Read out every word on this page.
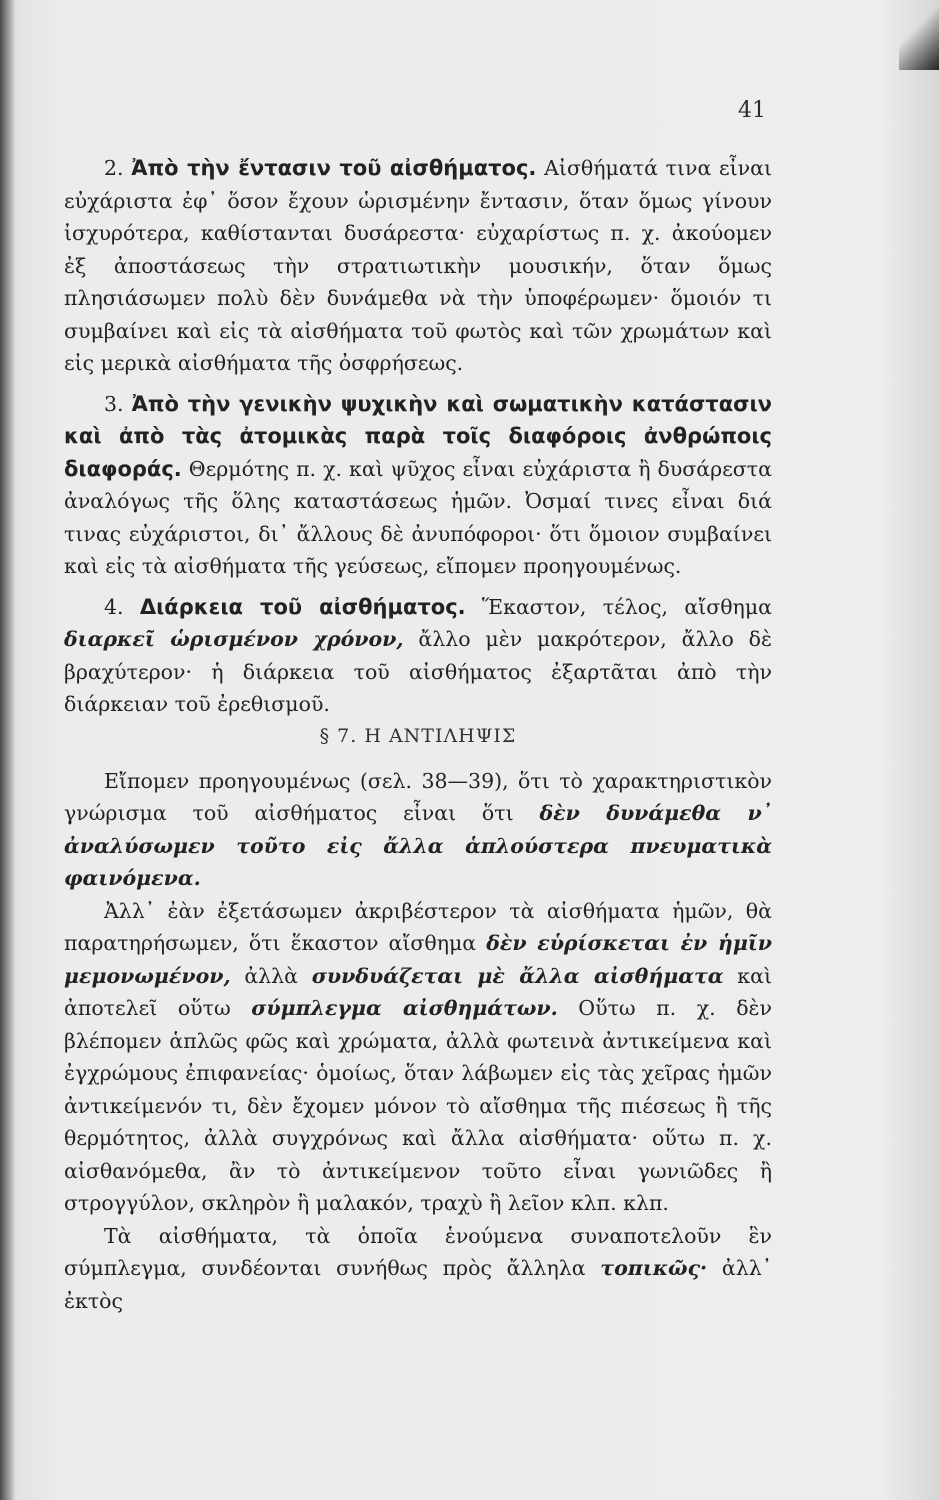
41

2. Ἀπὸ τὴν ἔντασιν τοῦ αἰσθήματος. Αἰσθήματά τινα εἶναι εὐχάριστα ἐφ᾽ ὅσον ἔχουν ὡρισμένην ἔντασιν, ὅταν ὅμως γίνουν ἰσχυρότερα, καθίστανται δυσάρεστα· εὐχαρίστως π. χ. ἀκούομεν ἐξ ἀποστάσεως τὴν στρατιωτικὴν μουσικήν, ὅταν ὅμως πλησιάσωμεν πολὺ δὲν δυνάμεθα νὰ τὴν ὑποφέρωμεν· ὅμοιόν τι συμβαίνει καὶ εἰς τὰ αἰσθήματα τοῦ φωτὸς καὶ τῶν χρωμάτων καὶ εἰς μερικὰ αἰσθήματα τῆς ὀσφρήσεως.

3. Ἀπὸ τὴν γενικὴν ψυχικὴν καὶ σωματικὴν κατάστασιν καὶ ἀπὸ τὰς ἀτομικὰς παρὰ τοῖς διαφόροις ἀνθρώποις διαφοράς. Θερμότης π. χ. καὶ ψῦχος εἶναι εὐχάριστα ἢ δυσάρεστα ἀναλόγως τῆς ὅλης καταστάσεως ἡμῶν. Ὀσμαί τινες εἶναι διά τινας εὐχάριστοι, δι᾽ ἄλλους δὲ ἀνυπόφοροι· ὅτι ὅμοιον συμβαίνει καὶ εἰς τὰ αἰσθήματα τῆς γεύσεως, εἴπομεν προηγουμένως.

4. Διάρκεια τοῦ αἰσθήματος. Ἕκαστον, τέλος, αἴσθημα διαρκεῖ ὡρισμένον χρόνον, ἄλλο μὲν μακρότερον, ἄλλο δὲ βραχύτερον· ἡ διάρκεια τοῦ αἰσθήματος ἐξαρτᾶται ἀπὸ τὴν διάρκειαν τοῦ ἐρεθισμοῦ.

§ 7. Η ΑΝΤΙΛΗΨΙΣ

Εἴπομεν προηγουμένως (σελ. 38—39), ὅτι τὸ χαρακτηριστικὸν γνώρισμα τοῦ αἰσθήματος εἶναι ὅτι δὲν δυνάμεθα ν᾽ ἀναλύσωμεν τοῦτο εἰς ἄλλα ἁπλούστερα πνευματικὰ φαινόμενα.

Ἀλλ᾽ ἐὰν ἐξετάσωμεν ἀκριβέστερον τὰ αἰσθήματα ἡμῶν, θὰ παρατηρήσωμεν, ὅτι ἕκαστον αἴσθημα δὲν εὑρίσκεται ἐν ἡμῖν μεμονωμένον, ἀλλὰ συνδυάζεται μὲ ἄλλα αἰσθήματα καὶ ἀποτελεῖ οὕτω σύμπλεγμα αἰσθημάτων. Οὕτω π. χ. δὲν βλέπομεν ἁπλῶς φῶς καὶ χρώματα, ἀλλὰ φωτεινὰ ἀντικείμενα καὶ ἐγχρώμους ἐπιφανείας· ὁμοίως, ὅταν λάβωμεν εἰς τὰς χεῖρας ἡμῶν ἀντικείμενόν τι, δὲν ἔχομεν μόνον τὸ αἴσθημα τῆς πιέσεως ἢ τῆς θερμότητος, ἀλλὰ συγχρόνως καὶ ἄλλα αἰσθήματα· οὕτω π. χ. αἰσθανόμεθα, ἂν τὸ ἀντικείμενον τοῦτο εἶναι γωνιῶδες ἢ στρογγύλον, σκληρὸν ἢ μαλακόν, τραχὺ ἢ λεῖον κλπ. κλπ.

Τὰ αἰσθήματα, τὰ ὁποῖα ἑνούμενα συναποτελοῦν ἓν σύμπλεγμα, συνδέονται συνήθως πρὸς ἄλληλα τοπικῶς· ἀλλ᾽ ἐκτὸς
